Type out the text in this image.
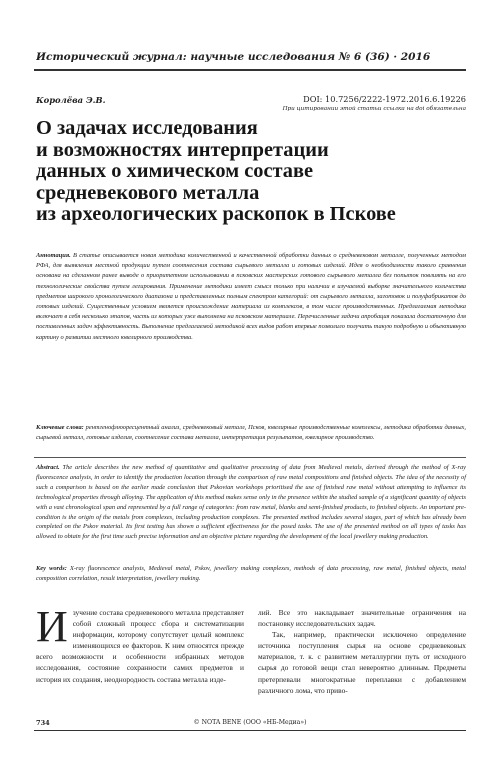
Исторический журнал: научные исследования № 6 (36) · 2016
Королёва Э.В.	DOI: 10.7256/2222-1972.2016.6.19226
При цитировании этой статьи ссылка на doi обязательна
О задачах исследования
и возможностях интерпретации
данных о химическом составе
средневекового металла
из археологических раскопок в Пскове

Аннотация. В статье описывается новая методика количественной и качественной обработки данных о средневековом металле, полученных методом РФА, для выявления местной продукции путем соотнесения состава сырьевого металла и готовых изделий. Идея о необходимости такого сравнения основана на сделанном ранее выводе о приоритетном использовании в псковских мастерских готового сырьевого металла без попыток повлиять на его технологические свойства путем легирования. Применение методики имеет смысл только при наличии в изучаемой выборке значительного количества предметов широкого хронологического диапазона и представленных полным спектром категорий: от сырьевого металла, заготовок и полуфабрикатов до готовых изделий. Существенным условием является происхождение материала из комплексов, в том числе производственных. Предлагаемая методика включает в себя несколько этапов, часть из которых уже выполнена на псковском материале. Перечисленные задачи апробация показала достаточную для поставленных задач эффективность. Выполнение предлагаемой методикой всех видов работ впервые позволило получить такую подробную и объективную картину о развитии местного ювелирного производства.

Ключевые слова: рентгенофлюоресцентный анализ, средневековый металл, Псков, ювелирные производственные комплексы, методика обработки данных, сырьевой металл, готовые изделия, соотнесение состава металла, интерпретация результатов, ювелирное производство.

Abstract. The article describes the new method of quantitative and qualitative processing of data from Medieval metals, derived through the method of X-ray fluorescence analysis, in order to identify the production location through the comparison of raw metal compositions and finished objects. The idea of the necessity of such a comparison is based on the earlier made conclusion that Pskovian workshops prioritised the use of finished raw metal without attempting to influence its technological properties through alloying. The application of this method makes sense only in the presence within the studied sample of a significant quantity of objects with a vast chronological span and represented by a full range of categories: from raw metal, blanks and semi-finished products, to finished objects. An important pre-condition is the origin of the metals from complexes, including production complexes. The presented method includes several stages, part of which has already been completed on the Pskov material. Its first testing has shown a sufficient effectiveness for the posed tasks. The use of the presented method on all types of tasks has allowed to obtain for the first time such precise information and an objective picture regarding the development of the local jewellery making production.

Key words: X-ray fluorescence analysis, Medieval metal, Pskov, jewellery making complexes, methods of data processing, raw metal, finished objects, metal composition correlation, result interpretation, jewellery making.

И зучение состава средневекового металла представляет собой сложный процесс сбора и систематизации информации, которому сопутствует целый комплекс изменяющихся ее факторов. К ним относятся прежде всего возможности и особенности избранных методов исследования, состояние сохранности самих предметов и история их создания, неоднородность состава металла изде-

лий. Все это накладывает значительные ограничения на постановку исследовательских задач.

Так, например, практически исключено определение источника поступления сырья на основе средневековых материалов, т. к. с развитием металлургии путь от исходного сырья до готовой вещи стал невероятно длинным. Предметы претерпевали многократные переплавки с добавлением различного лома, что приво-

734	© NOTA BENE (ООО «НБ-Медиа»)
